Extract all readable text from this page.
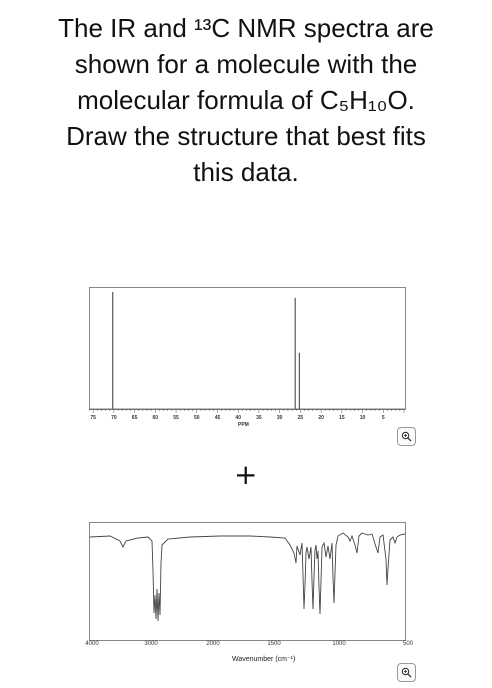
The IR and ¹³C NMR spectra are
shown for a molecule with the
molecular formula of C₅H₁₀O.
Draw the structure that best fits
this data.
75	70	65	60	55	50	45	40	35	30	25	20	15	10	5
PPM
+
4000	3000	2000	1500	1000	500
Wavenumber (cm⁻¹)
